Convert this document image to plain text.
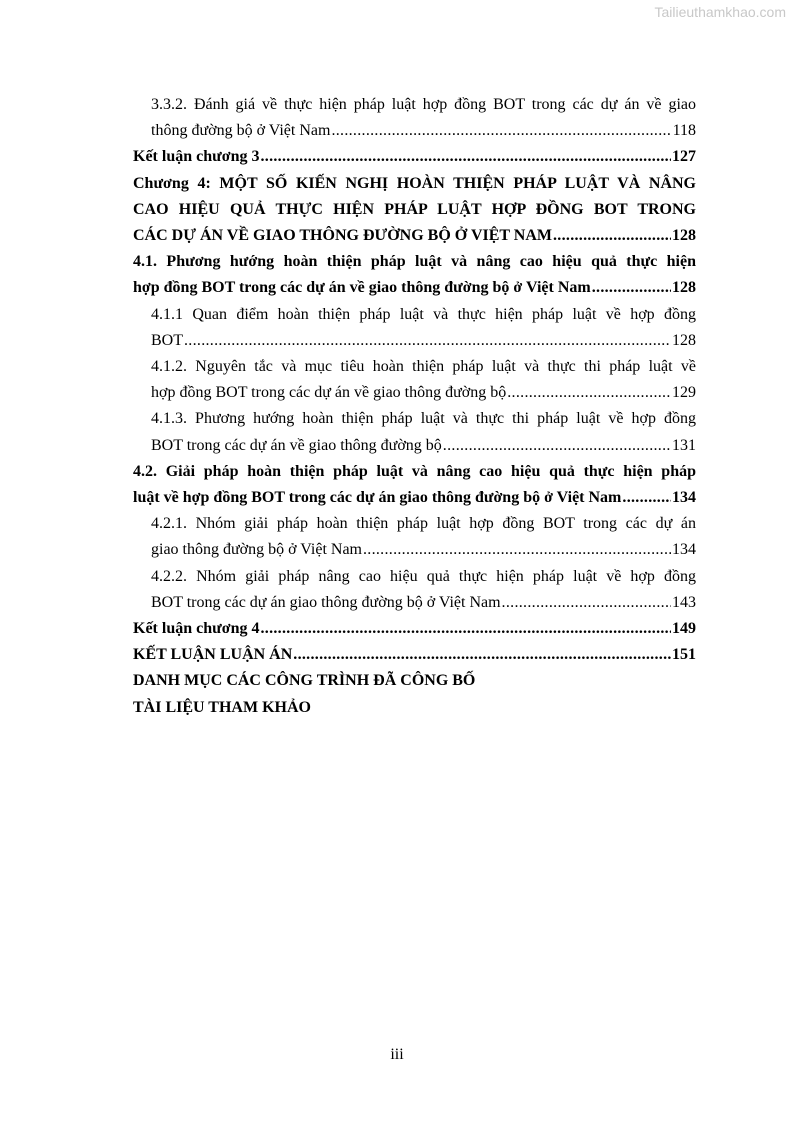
Tailieuthamkhao.com
3.3.2. Đánh giá về thực hiện pháp luật hợp đồng BOT trong các dự án về giao
thông đường bộ ở Việt Nam .....	118
Kết luận chương 3 .....	127
Chương 4: MỘT SỐ KIẾN NGHỊ HOÀN THIỆN PHÁP LUẬT VÀ NÂNG
CAO HIỆU QUẢ THỰC HIỆN PHÁP LUẬT HỢP ĐỒNG BOT TRONG
CÁC DỰ ÁN VỀ GIAO THÔNG ĐƯỜNG BỘ Ở VIỆT NAM .....	128
4.1. Phương hướng hoàn thiện pháp luật và nâng cao hiệu quả thực hiện
hợp đồng BOT trong các dự án về giao thông đường bộ ở Việt Nam .....	128
4.1.1 Quan điểm hoàn thiện pháp luật và thực hiện pháp luật về hợp đồng
BOT .....	128
4.1.2. Nguyên tắc và mục tiêu hoàn thiện pháp luật và thực thi pháp luật về
hợp đồng BOT trong các dự án về giao thông đường bộ .....	129
4.1.3. Phương hướng hoàn thiện pháp luật và thực thi pháp luật về hợp đồng
BOT trong các dự án về giao thông đường bộ .....	131
4.2. Giải pháp hoàn thiện pháp luật và nâng cao hiệu quả thực hiện pháp
luật về hợp đồng BOT trong các dự án giao thông đường bộ ở Việt Nam .....	134
4.2.1. Nhóm giải pháp hoàn thiện pháp luật hợp đồng BOT trong các dự án
giao thông đường bộ ở Việt Nam .....	134
4.2.2. Nhóm giải pháp nâng cao hiệu quả thực hiện pháp luật về hợp đồng
BOT trong các dự án giao thông đường bộ ở Việt Nam .....	143
Kết luận chương 4 .....	149
KẾT LUẬN LUẬN ÁN .....	151
DANH MỤC CÁC CÔNG TRÌNH ĐÃ CÔNG BỐ
TÀI LIỆU THAM KHẢO
iii
